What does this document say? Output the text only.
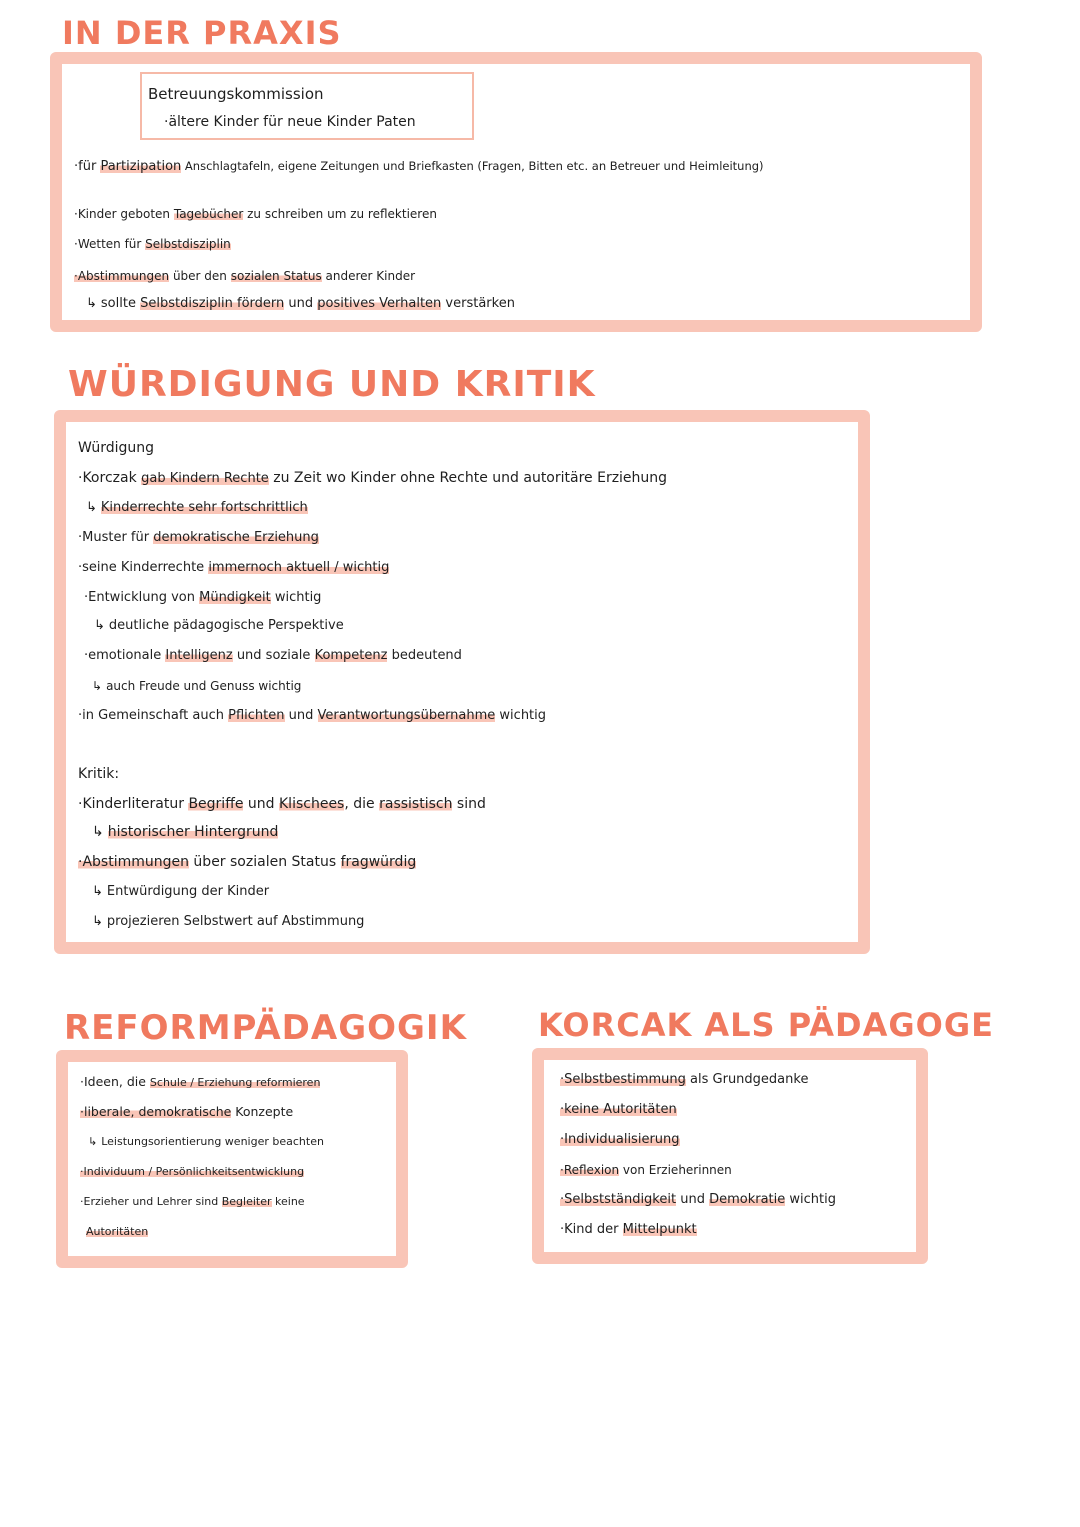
IN DER PRAXIS
Betreuungskommission
·ältere Kinder für neue Kinder Paten
·für Partizipation Anschlagtafeln, eigene Zeitungen und Briefkasten (Fragen, Bitten etc. an Betreuer und Heimleitung)
·Kinder geboten Tagebücher zu schreiben um zu reflektieren
·Wetten für Selbstdisziplin
·Abstimmungen über den sozialen Status anderer Kinder
↳ sollte Selbstdisziplin fördern und positives Verhalten verstärken
WÜRDIGUNG UND KRITIK
Würdigung
·Korczak gab Kindern Rechte zu Zeit wo Kinder ohne Rechte und autoritäre Erziehung
↳ Kinderrechte sehr fortschrittlich
·Muster für demokratische Erziehung
·seine Kinderrechte immernoch aktuell / wichtig
·Entwicklung von Mündigkeit wichtig
↳ deutliche pädagogische Perspektive
·emotionale Intelligenz und soziale Kompetenz bedeutend
↳ auch Freude und Genuss wichtig
·in Gemeinschaft auch Pflichten und Verantwortungsübernahme wichtig
Kritik:
·Kinderliteratur Begriffe und Klischees, die rassistisch sind
↳ historischer Hintergrund
·Abstimmungen über sozialen Status fragwürdig
↳ Entwürdigung der Kinder
↳ projezieren Selbstwert auf Abstimmung
REFORMPÄDAGOGIK
·Ideen, die Schule / Erziehung reformieren
·liberale, demokratische Konzepte
↳ Leistungsorientierung weniger beachten
·Individuum / Persönlichkeitsentwicklung
·Erzieher und Lehrer sind Begleiter keine
Autoritäten
KORCAK ALS PÄDAGOGE
·Selbstbestimmung als Grundgedanke
·keine Autoritäten
·Individualisierung
·Reflexion von Erzieherinnen
·Selbstständigkeit und Demokratie wichtig
·Kind der Mittelpunkt
